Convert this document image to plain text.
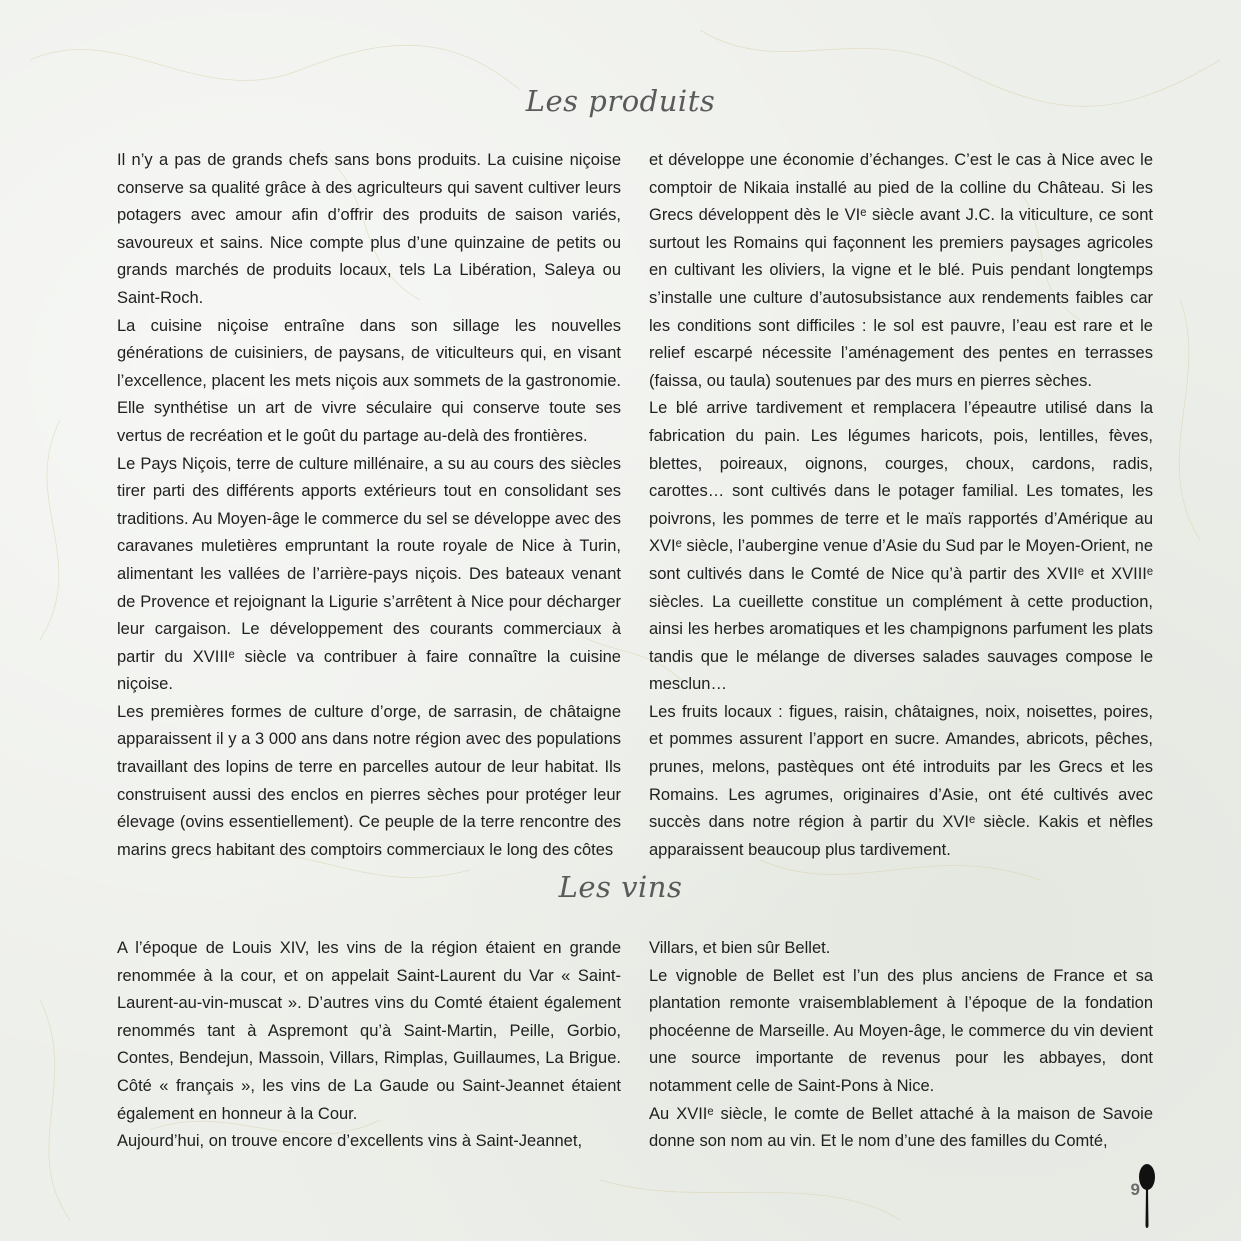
Les produits

Il n’y a pas de grands chefs sans bons produits. La cuisine niçoise conserve sa qualité grâce à des agriculteurs qui savent cultiver leurs potagers avec amour afin d’offrir des produits de saison variés, savoureux et sains. Nice compte plus d’une quinzaine de petits ou grands marchés de produits locaux, tels La Libération, Saleya ou Saint-Roch.

La cuisine niçoise entraîne dans son sillage les nouvelles générations de cuisiniers, de paysans, de viticulteurs qui, en visant l’excellence, placent les mets niçois aux sommets de la gastronomie. Elle synthétise un art de vivre séculaire qui conserve toute ses vertus de recréation et le goût du partage au-delà des frontières.

Le Pays Niçois, terre de culture millénaire, a su au cours des siècles tirer parti des différents apports extérieurs tout en consolidant ses traditions. Au Moyen-âge le commerce du sel se développe avec des caravanes muletières empruntant la route royale de Nice à Turin, alimentant les vallées de l’arrière-pays niçois. Des bateaux venant de Provence et rejoignant la Ligurie s’arrêtent à Nice pour décharger leur cargaison. Le développement des courants commerciaux à partir du XVIIIᵉ siècle va contribuer à faire connaître la cuisine niçoise.

Les premières formes de culture d’orge, de sarrasin, de châtaigne apparaissent il y a 3 000 ans dans notre région avec des populations travaillant des lopins de terre en parcelles autour de leur habitat. Ils construisent aussi des enclos en pierres sèches pour protéger leur élevage (ovins essentiellement). Ce peuple de la terre rencontre des marins grecs habitant des comptoirs commerciaux le long des côtes

et développe une économie d’échanges. C’est le cas à Nice avec le comptoir de Nikaia installé au pied de la colline du Château. Si les Grecs développent dès le VIᵉ siècle avant J.C. la viticulture, ce sont surtout les Romains qui façonnent les premiers paysages agricoles en cultivant les oliviers, la vigne et le blé. Puis pendant longtemps s’installe une culture d’autosubsistance aux rendements faibles car les conditions sont difficiles : le sol est pauvre, l’eau est rare et le relief escarpé nécessite l’aménagement des pentes en terrasses (faissa, ou taula) soutenues par des murs en pierres sèches.

Le blé arrive tardivement et remplacera l’épeautre utilisé dans la fabrication du pain. Les légumes haricots, pois, lentilles, fèves, blettes, poireaux, oignons, courges, choux, cardons, radis, carottes… sont cultivés dans le potager familial. Les tomates, les poivrons, les pommes de terre et le maïs rapportés d’Amérique au XVIᵉ siècle, l’aubergine venue d’Asie du Sud par le Moyen-Orient, ne sont cultivés dans le Comté de Nice qu’à partir des XVIIᵉ et XVIIIᵉ siècles. La cueillette constitue un complément à cette production, ainsi les herbes aromatiques et les champignons parfument les plats tandis que le mélange de diverses salades sauvages compose le mesclun…

Les fruits locaux : figues, raisin, châtaignes, noix, noisettes, poires, et pommes assurent l’apport en sucre. Amandes, abricots, pêches, prunes, melons, pastèques ont été introduits par les Grecs et les Romains. Les agrumes, originaires d’Asie, ont été cultivés avec succès dans notre région à partir du XVIᵉ siècle. Kakis et nèfles apparaissent beaucoup plus tardivement.

Les vins

A l’époque de Louis XIV, les vins de la région étaient en grande renommée à la cour, et on appelait Saint-Laurent du Var « Saint-Laurent-au-vin-muscat ». D’autres vins du Comté étaient également renommés tant à Aspremont qu’à Saint-Martin, Peille, Gorbio, Contes, Bendejun, Massoin, Villars, Rimplas, Guillaumes, La Brigue. Côté « français », les vins de La Gaude ou Saint-Jeannet étaient également en honneur à la Cour.

Aujourd’hui, on trouve encore d’excellents vins à Saint-Jeannet,

Villars, et bien sûr Bellet.

Le vignoble de Bellet est l’un des plus anciens de France et sa plantation remonte vraisemblablement à l’époque de la fondation phocéenne de Marseille. Au Moyen-âge, le commerce du vin devient une source importante de revenus pour les abbayes, dont notamment celle de Saint-Pons à Nice.

Au XVIIᵉ siècle, le comte de Bellet attaché à la maison de Savoie donne son nom au vin. Et le nom d’une des familles du Comté,

9
